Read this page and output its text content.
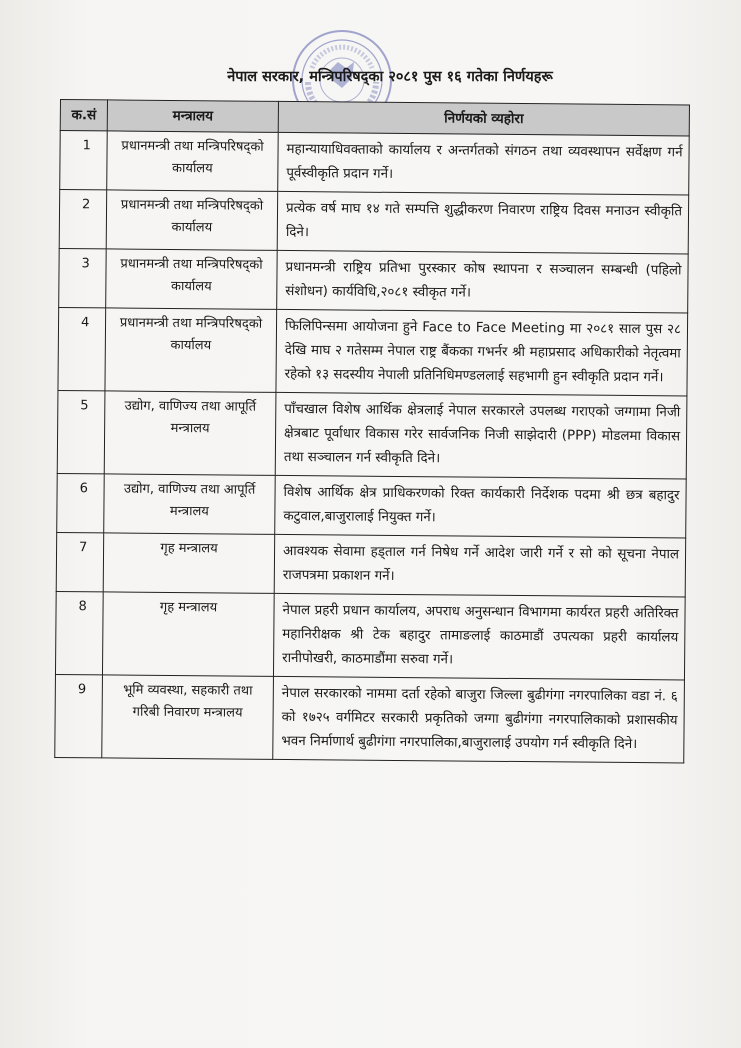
नेपाल सरकार, मन्त्रिपरिषद्का २०८१ पुस १६ गतेका निर्णयहरू
क.सं	मन्त्रालय	निर्णयको व्यहोरा
1	प्रधानमन्त्री तथा मन्त्रिपरिषद्को कार्यालय	महान्यायाधिवक्ताको कार्यालय र अन्तर्गतको संगठन तथा व्यवस्थापन सर्वेक्षण गर्न पूर्वस्वीकृति प्रदान गर्ने।
2	प्रधानमन्त्री तथा मन्त्रिपरिषद्को कार्यालय	प्रत्येक वर्ष माघ १४ गते सम्पत्ति शुद्धीकरण निवारण राष्ट्रिय दिवस मनाउन स्वीकृति दिने।
3	प्रधानमन्त्री तथा मन्त्रिपरिषद्को कार्यालय	प्रधानमन्त्री राष्ट्रिय प्रतिभा पुरस्कार कोष स्थापना र सञ्चालन सम्बन्धी (पहिलो संशोधन) कार्यविधि,२०८१ स्वीकृत गर्ने।
4	प्रधानमन्त्री तथा मन्त्रिपरिषद्को कार्यालय	फिलिपिन्समा आयोजना हुने Face to Face Meeting मा २०८१ साल पुस २८ देखि माघ २ गतेसम्म नेपाल राष्ट्र बैंकका गभर्नर श्री महाप्रसाद अधिकारीको नेतृत्वमा रहेको १३ सदस्यीय नेपाली प्रतिनिधिमण्डललाई सहभागी हुन स्वीकृति प्रदान गर्ने।
5	उद्योग, वाणिज्य तथा आपूर्ति मन्त्रालय	पाँचखाल विशेष आर्थिक क्षेत्रलाई नेपाल सरकारले उपलब्ध गराएको जग्गामा निजी क्षेत्रबाट पूर्वाधार विकास गरेर सार्वजनिक निजी साझेदारी (PPP) मोडलमा विकास तथा सञ्चालन गर्न स्वीकृति दिने।
6	उद्योग, वाणिज्य तथा आपूर्ति मन्त्रालय	विशेष आर्थिक क्षेत्र प्राधिकरणको रिक्त कार्यकारी निर्देशक पदमा श्री छत्र बहादुर कटुवाल,बाजुरालाई नियुक्त गर्ने।
7	गृह मन्त्रालय	आवश्यक सेवामा हड्ताल गर्न निषेध गर्ने आदेश जारी गर्ने र सो को सूचना नेपाल राजपत्रमा प्रकाशन गर्ने।
8	गृह मन्त्रालय	नेपाल प्रहरी प्रधान कार्यालय, अपराध अनुसन्धान विभागमा कार्यरत प्रहरी अतिरिक्त महानिरीक्षक श्री टेक बहादुर तामाङलाई काठमाडौं उपत्यका प्रहरी कार्यालय रानीपोखरी, काठमाडौंमा सरुवा गर्ने।
9	भूमि व्यवस्था, सहकारी तथा गरिबी निवारण मन्त्रालय	नेपाल सरकारको नाममा दर्ता रहेको बाजुरा जिल्ला बुढीगंगा नगरपालिका वडा नं. ६ को १७२५ वर्गमिटर सरकारी प्रकृतिको जग्गा बुढीगंगा नगरपालिकाको प्रशासकीय भवन निर्माणार्थ बुढीगंगा नगरपालिका,बाजुरालाई उपयोग गर्न स्वीकृति दिने।
